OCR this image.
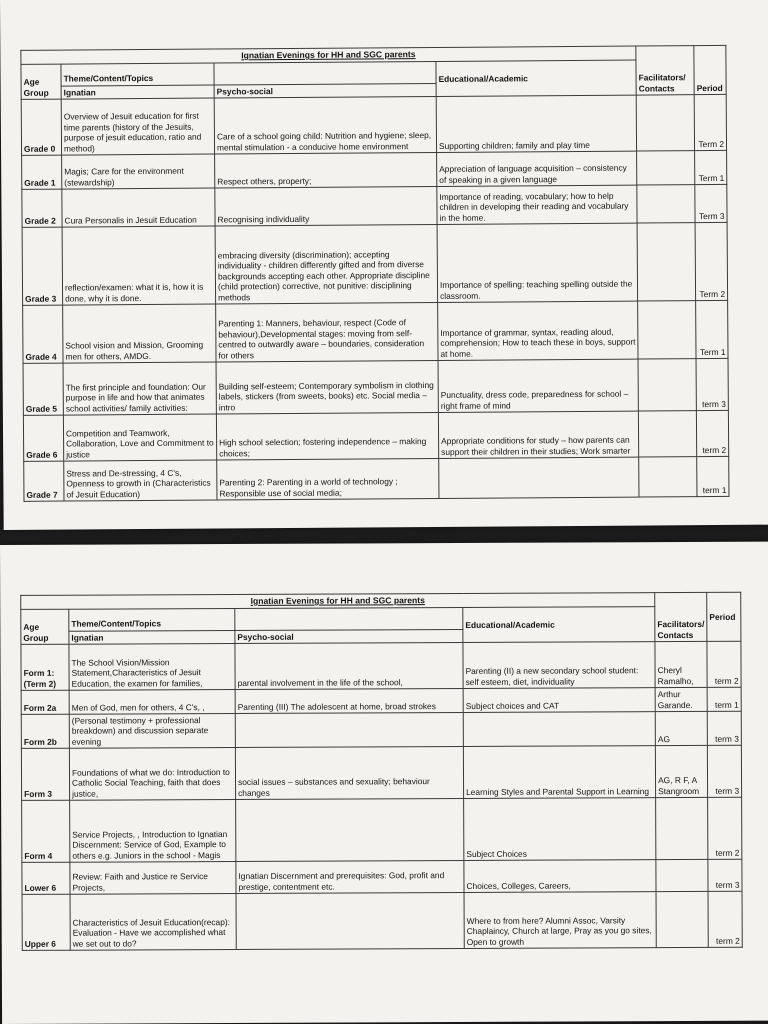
Ignatian Evenings for HH and SGC parents				Facilitators/ Contacts	Period
Age Group	Theme/Content/Topics		Educational/Academic		
	Ignatian	Psycho-social			
Grade 0	Overview of Jesuit education for first time parents (history of the Jesuits, purpose of jesuit education, ratio and method)	Care of a school going child: Nutrition and hygiene; sleep, mental stimulation - a conducive home environment	Supporting children; family and play time		Term 2
Grade 1	Magis; Care for the environment (stewardship)	Respect others, property;	Appreciation of language acquisition – consistency of speaking in a given language		Term 1
Grade 2	Cura Personalis in Jesuit Education	Recognising individuality	Importance of reading, vocabulary; how to help children in developing their reading and vocabulary in the home.		Term 3
Grade 3	reflection/examen: what it is, how it is done, why it is done.	embracing diversity (discrimination); accepting individuality - children differently gifted and from diverse backgrounds accepting each other. Appropriate discipline (child protection) corrective, not punitive: disciplining methods	Importance of spelling: teaching spelling outside the classroom.		Term 2
Grade 4	School vision and Mission, Grooming men for others, AMDG.	Parenting 1: Manners, behaviour, respect (Code of behaviour),Developmental stages: moving from self-centred to outwardly aware – boundaries, consideration for others	Importance of grammar, syntax, reading aloud, comprehension; How to teach these in boys, support at home.		Term 1
Grade 5	The first principle and foundation: Our purpose in life and how that animates school activities/ family activities:	Building self-esteem; Contemporary symbolism in clothing labels, stickers (from sweets, books) etc. Social media – intro	Punctuality, dress code, preparedness for school – right frame of mind		term 3
Grade 6	Competition and Teamwork, Collaboration, Love and Commitment to justice	High school selection; fostering independence – making choices;	Appropriate conditions for study – how parents can support their children in their studies; Work smarter		term 2
Grade 7	Stress and De-stressing, 4 C's, Openness to growth in (Characteristics of Jesuit Education)	Parenting 2: Parenting in a world of technology ; Responsible use of social media;			term 1
Ignatian Evenings for HH and SGC parents				Facilitators/ Contacts	Period
Age Group	Theme/Content/Topics		Educational/Academic		
	Ignatian	Psycho-social			
Form 1: (Term 2)	The School Vision/Mission Statement,Characteristics of Jesuit Education, the examen for families,	parental involvement in the life of the school,	Parenting (II) a new secondary school student: self esteem, diet, individuality	Cheryl Ramalho,	term 2
Form 2a	Men of God, men for others, 4 C's, ,	Parenting (III) The adolescent at home, broad strokes	Subject choices and CAT	Arthur Garande.	term 1
Form 2b	(Personal testimony + professional breakdown) and discussion separate evening			AG	term 3
Form 3	Foundations of what we do: Introduction to Catholic Social Teaching, faith that does justice,	social issues – substances and sexuality; behaviour changes	Learning Styles and Parental Support in Learning	AG, R F, A Stangroom	term 3
Form 4	Service Projects, , Introduction to Ignatian Discernment: Service of God, Example to others e.g. Juniors in the school - Magis		Subject Choices		term 2
Lower 6	Review: Faith and Justice re Service Projects,	Ignatian Discernment and prerequisites: God, profit and prestige, contentment etc.	Choices, Colleges, Careers,		term 3
Upper 6	Characteristics of Jesuit Education(recap): Evaluation - Have we accomplished what we set out to do?		Where to from here? Alumni Assoc, Varsity Chaplaincy, Church at large, Pray as you go sites, Open to growth		term 2
